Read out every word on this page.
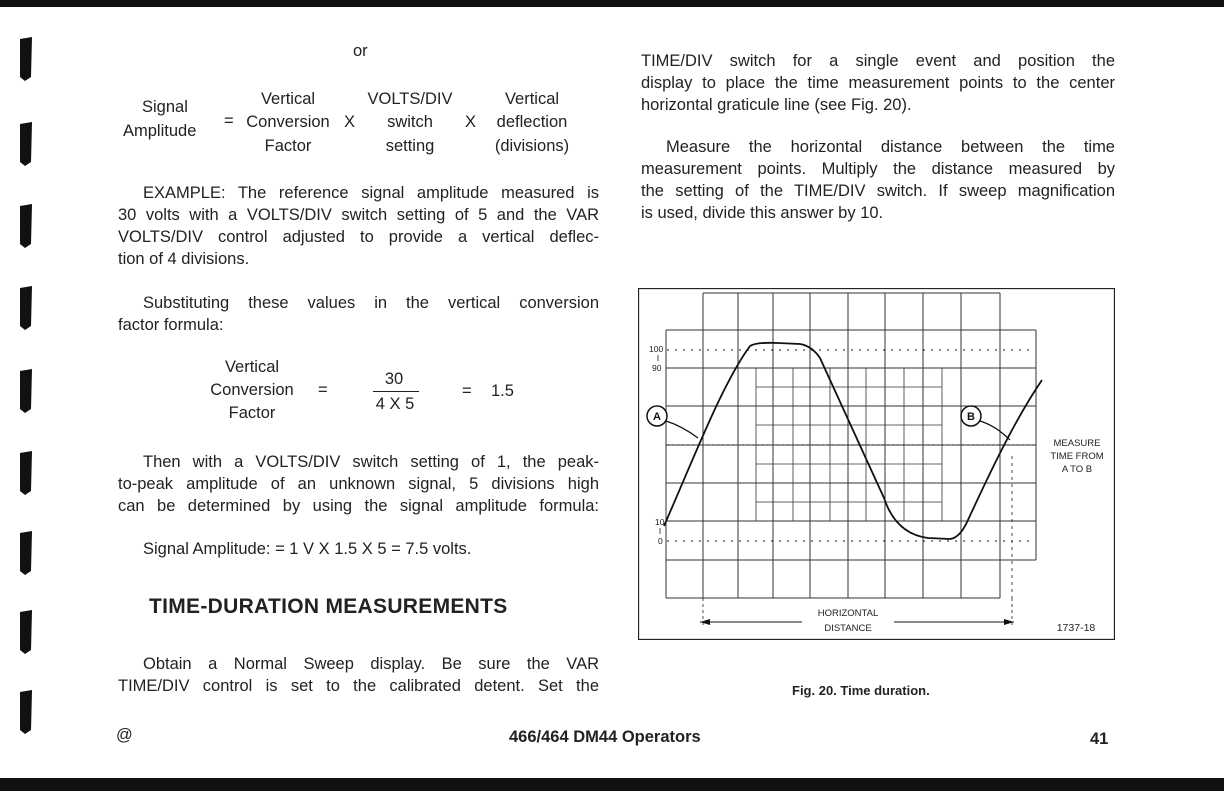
or
Signal
Amplitude
=
Vertical
Conversion
Factor
X
VOLTS/DIV
switch
setting
X
Vertical
deflection
(divisions)
EXAMPLE: The reference signal amplitude measured is
30 volts with a VOLTS/DIV switch setting of 5 and the VAR
VOLTS/DIV control adjusted to provide a vertical deflec-
tion of 4 divisions.
Substituting these values in the vertical conversion
factor formula:
Vertical
Conversion
Factor
=
30
4 X 5
= 1.5
Then with a VOLTS/DIV switch setting of 1, the peak-
to-peak amplitude of an unknown signal, 5 divisions high
can be determined by using the signal amplitude formula:
Signal Amplitude: = 1 V X 1.5 X 5 = 7.5 volts.
TIME-DURATION MEASUREMENTS
Obtain a Normal Sweep display. Be sure the VAR
TIME/DIV control is set to the calibrated detent. Set the
TIME/DIV switch for a single event and position the
display to place the time measurement points to the center
horizontal graticule line (see Fig. 20).
Measure the horizontal distance between the time
measurement points. Multiply the distance measured by
the setting of the TIME/DIV switch. If sweep magnification
is used, divide this answer by 10.
100
90
10
0
A	B
MEASURE
TIME FROM
A TO B
HORIZONTAL
DISTANCE	1737-18
Fig. 20. Time duration.
@	466/464 DM44 Operators	41
